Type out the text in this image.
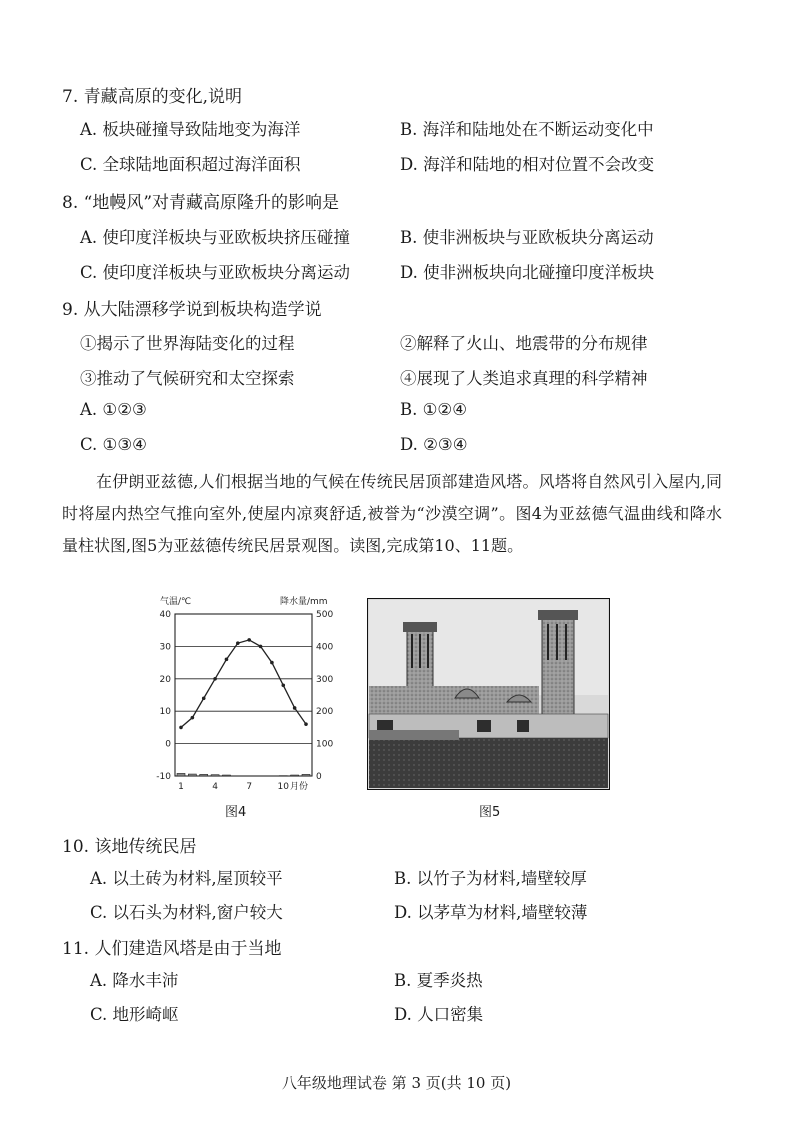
7. 青藏高原的变化,说明
A. 板块碰撞导致陆地变为海洋	B. 海洋和陆地处在不断运动变化中
C. 全球陆地面积超过海洋面积	D. 海洋和陆地的相对位置不会改变
8. “地幔风”对青藏高原隆升的影响是
A. 使印度洋板块与亚欧板块挤压碰撞	B. 使非洲板块与亚欧板块分离运动
C. 使印度洋板块与亚欧板块分离运动	D. 使非洲板块向北碰撞印度洋板块
9. 从大陆漂移学说到板块构造学说
①揭示了世界海陆变化的过程	②解释了火山、地震带的分布规律
③推动了气候研究和太空探索	④展现了人类追求真理的科学精神
A. ①②③	B. ①②④
C. ①③④	D. ②③④

在伊朗亚兹德,人们根据当地的气候在传统民居顶部建造风塔。风塔将自然风引入屋内,同时将屋内热空气推向室外,使屋内凉爽舒适,被誉为“沙漠空调”。图4为亚兹德气温曲线和降水量柱状图,图5为亚兹德传统民居景观图。读图,完成第10、11题。

气温/℃	降水量/mm
40
30
20
10
0
-10
500
400
300
200
100
0
1	4	7	10 月份
图4	图5
10. 该地传统民居
A. 以土砖为材料,屋顶较平	B. 以竹子为材料,墙壁较厚
C. 以石头为材料,窗户较大	D. 以茅草为材料,墙壁较薄
11. 人们建造风塔是由于当地
A. 降水丰沛	B. 夏季炎热
C. 地形崎岖	D. 人口密集
八年级地理试卷 第 3 页(共 10 页)
